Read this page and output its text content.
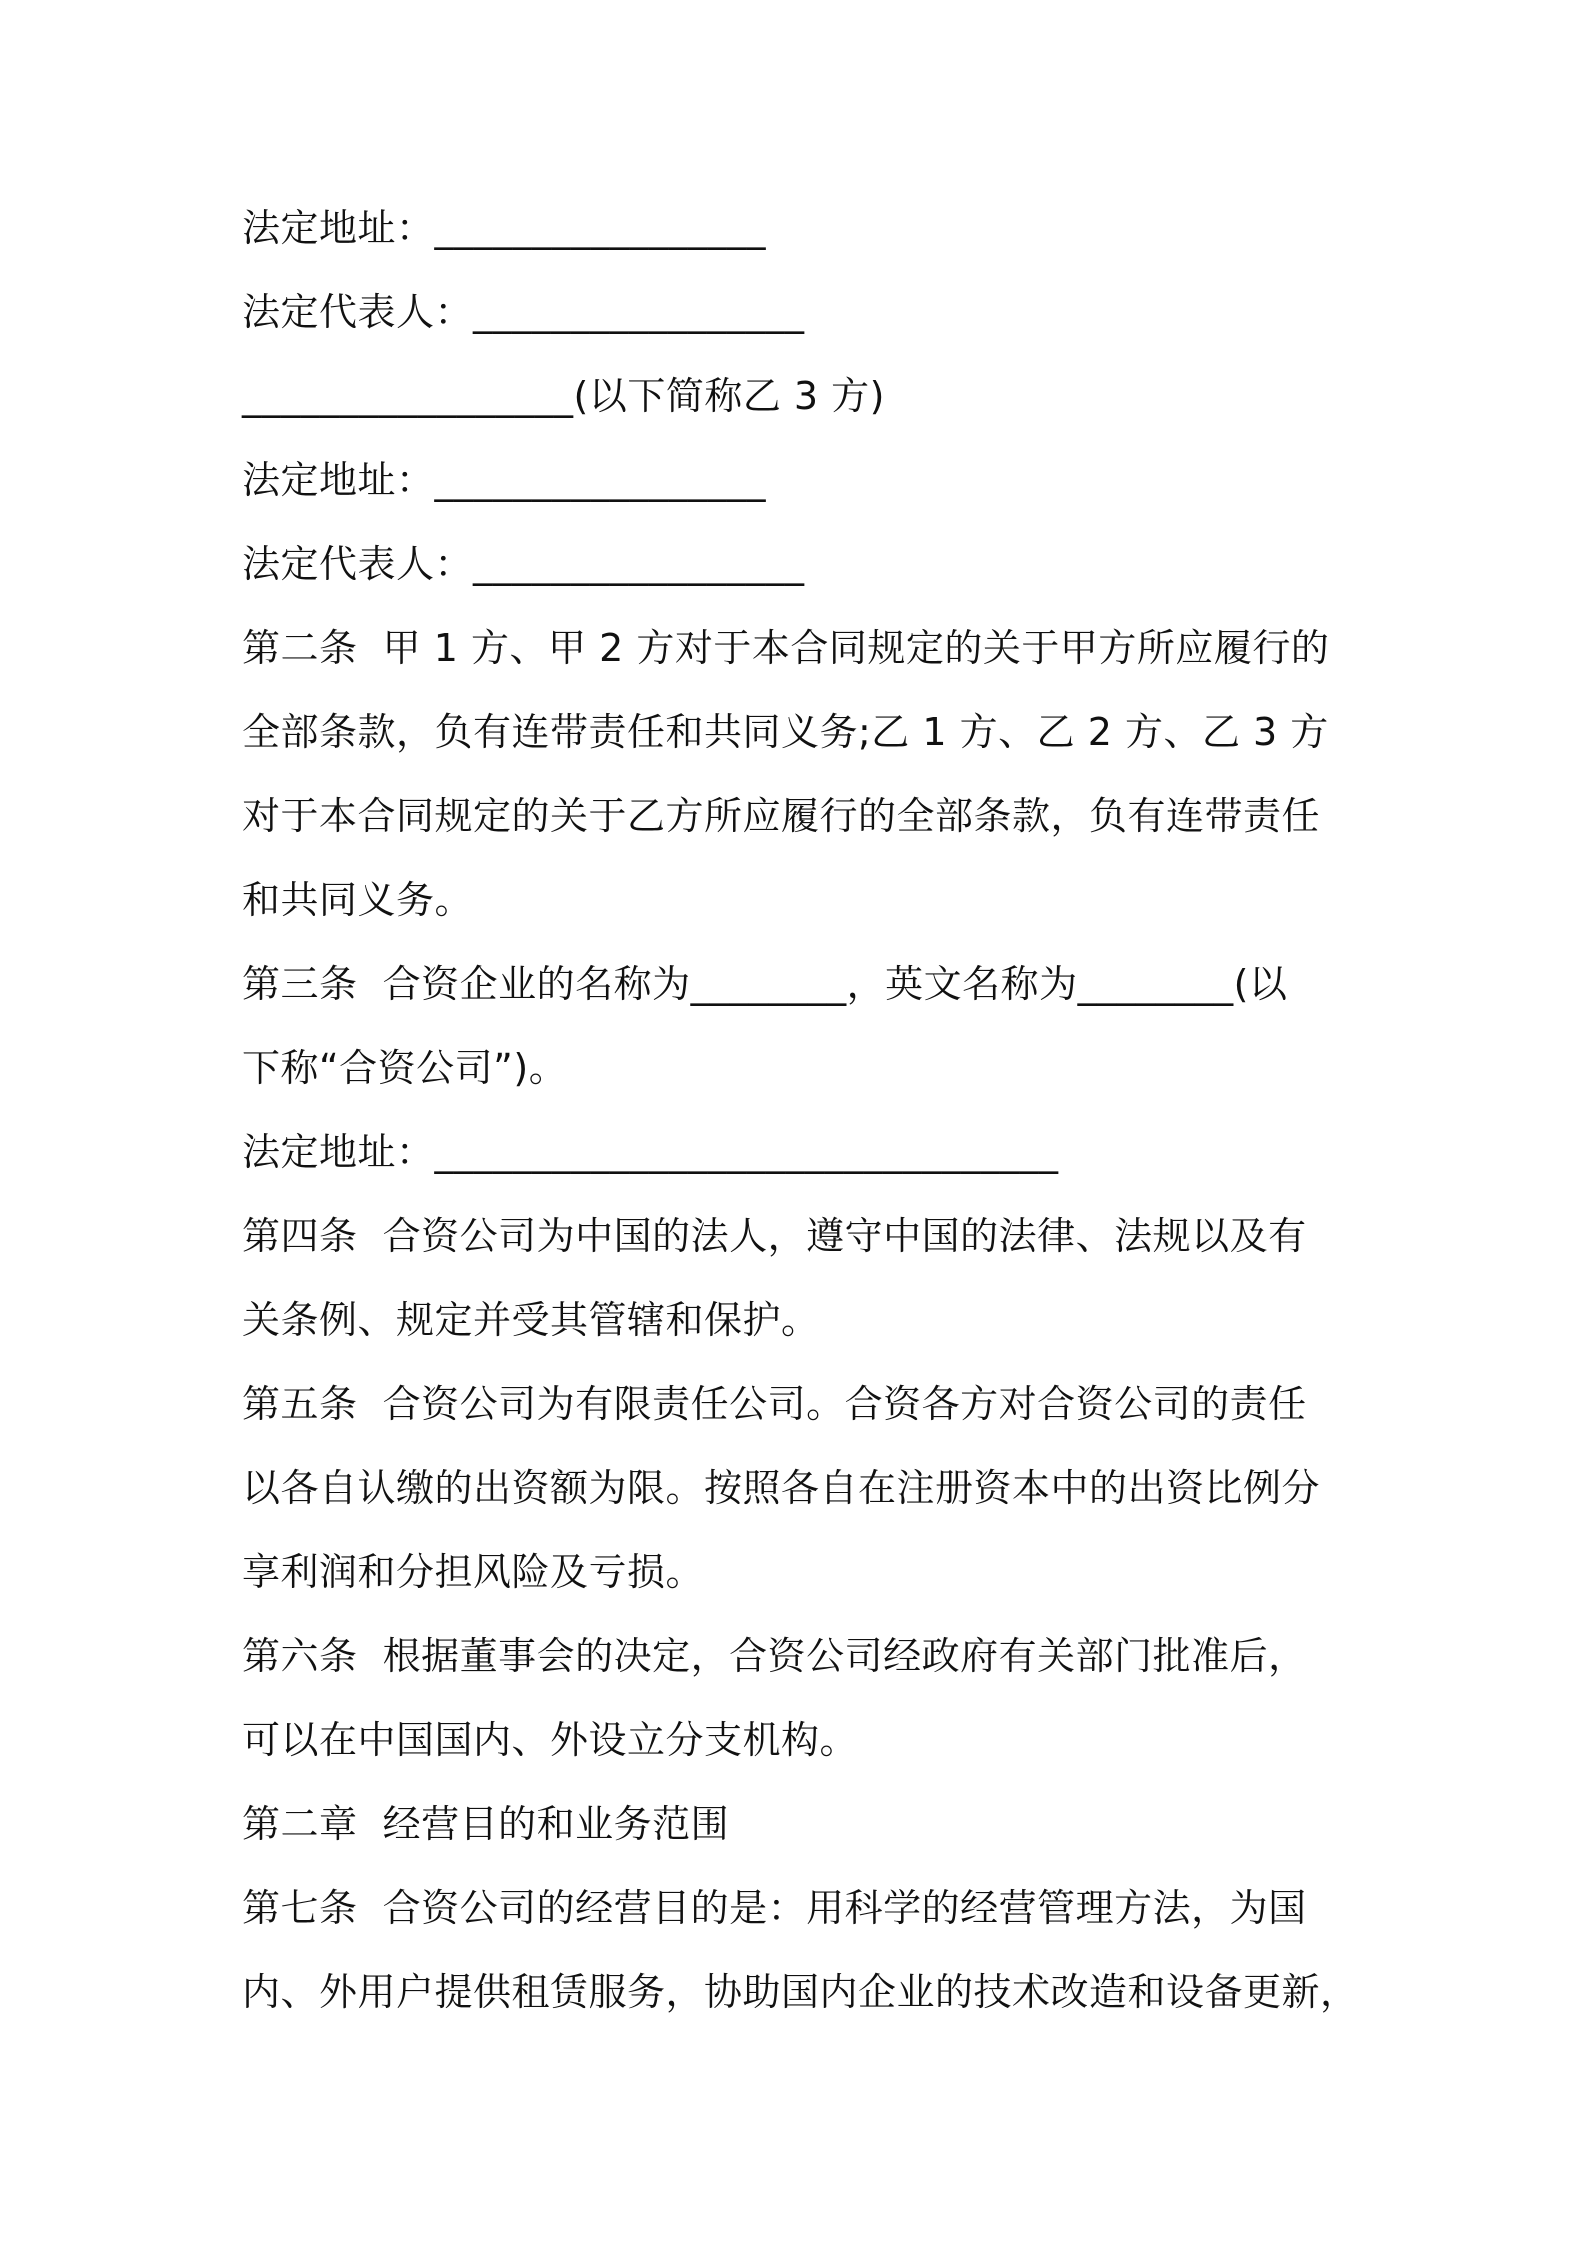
法定地址：_________________
法定代表人：_________________
_________________(以下简称乙 3 方)
法定地址：_________________
法定代表人：_________________
第二条  甲 1 方、甲 2 方对于本合同规定的关于甲方所应履行的
全部条款，负有连带责任和共同义务;乙 1 方、乙 2 方、乙 3 方
对于本合同规定的关于乙方所应履行的全部条款，负有连带责任
和共同义务。
第三条  合资企业的名称为________，英文名称为________(以
下称“合资公司”)。
法定地址：________________________________
第四条  合资公司为中国的法人，遵守中国的法律、法规以及有
关条例、规定并受其管辖和保护。
第五条  合资公司为有限责任公司。合资各方对合资公司的责任
以各自认缴的出资额为限。按照各自在注册资本中的出资比例分
享利润和分担风险及亏损。
第六条  根据董事会的决定，合资公司经政府有关部门批准后，
可以在中国国内、外设立分支机构。
第二章  经营目的和业务范围
第七条  合资公司的经营目的是：用科学的经营管理方法，为国
内、外用户提供租赁服务，协助国内企业的技术改造和设备更新，
